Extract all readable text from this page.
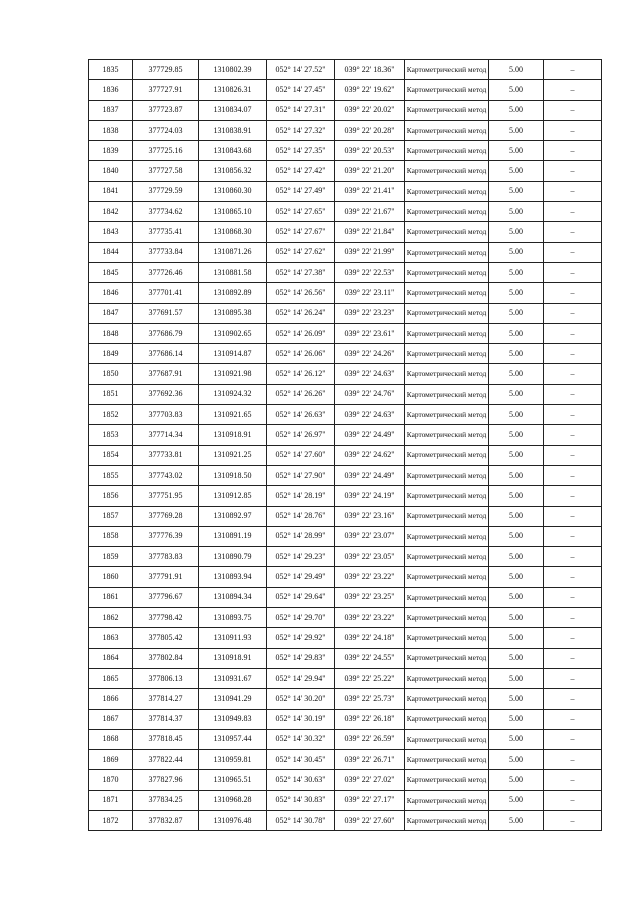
1835	377729.85	1310802.39	052° 14' 27.52"	039° 22' 18.36"	Картометрический метод	5.00	–
1836	377727.91	1310826.31	052° 14' 27.45"	039° 22' 19.62"	Картометрический метод	5.00	–
1837	377723.87	1310834.07	052° 14' 27.31"	039° 22' 20.02"	Картометрический метод	5.00	–
1838	377724.03	1310838.91	052° 14' 27.32"	039° 22' 20.28"	Картометрический метод	5.00	–
1839	377725.16	1310843.68	052° 14' 27.35"	039° 22' 20.53"	Картометрический метод	5.00	–
1840	377727.58	1310856.32	052° 14' 27.42"	039° 22' 21.20"	Картометрический метод	5.00	–
1841	377729.59	1310860.30	052° 14' 27.49"	039° 22' 21.41"	Картометрический метод	5.00	–
1842	377734.62	1310865.10	052° 14' 27.65"	039° 22' 21.67"	Картометрический метод	5.00	–
1843	377735.41	1310868.30	052° 14' 27.67"	039° 22' 21.84"	Картометрический метод	5.00	–
1844	377733.84	1310871.26	052° 14' 27.62"	039° 22' 21.99"	Картометрический метод	5.00	–
1845	377726.46	1310881.58	052° 14' 27.38"	039° 22' 22.53"	Картометрический метод	5.00	–
1846	377701.41	1310892.89	052° 14' 26.56"	039° 22' 23.11"	Картометрический метод	5.00	–
1847	377691.57	1310895.38	052° 14' 26.24"	039° 22' 23.23"	Картометрический метод	5.00	–
1848	377686.79	1310902.65	052° 14' 26.09"	039° 22' 23.61"	Картометрический метод	5.00	–
1849	377686.14	1310914.87	052° 14' 26.06"	039° 22' 24.26"	Картометрический метод	5.00	–
1850	377687.91	1310921.98	052° 14' 26.12"	039° 22' 24.63"	Картометрический метод	5.00	–
1851	377692.36	1310924.32	052° 14' 26.26"	039° 22' 24.76"	Картометрический метод	5.00	–
1852	377703.83	1310921.65	052° 14' 26.63"	039° 22' 24.63"	Картометрический метод	5.00	–
1853	377714.34	1310918.91	052° 14' 26.97"	039° 22' 24.49"	Картометрический метод	5.00	–
1854	377733.81	1310921.25	052° 14' 27.60"	039° 22' 24.62"	Картометрический метод	5.00	–
1855	377743.02	1310918.50	052° 14' 27.90"	039° 22' 24.49"	Картометрический метод	5.00	–
1856	377751.95	1310912.85	052° 14' 28.19"	039° 22' 24.19"	Картометрический метод	5.00	–
1857	377769.28	1310892.97	052° 14' 28.76"	039° 22' 23.16"	Картометрический метод	5.00	–
1858	377776.39	1310891.19	052° 14' 28.99"	039° 22' 23.07"	Картометрический метод	5.00	–
1859	377783.83	1310890.79	052° 14' 29.23"	039° 22' 23.05"	Картометрический метод	5.00	–
1860	377791.91	1310893.94	052° 14' 29.49"	039° 22' 23.22"	Картометрический метод	5.00	–
1861	377796.67	1310894.34	052° 14' 29.64"	039° 22' 23.25"	Картометрический метод	5.00	–
1862	377798.42	1310893.75	052° 14' 29.70"	039° 22' 23.22"	Картометрический метод	5.00	–
1863	377805.42	1310911.93	052° 14' 29.92"	039° 22' 24.18"	Картометрический метод	5.00	–
1864	377802.84	1310918.91	052° 14' 29.83"	039° 22' 24.55"	Картометрический метод	5.00	–
1865	377806.13	1310931.67	052° 14' 29.94"	039° 22' 25.22"	Картометрический метод	5.00	–
1866	377814.27	1310941.29	052° 14' 30.20"	039° 22' 25.73"	Картометрический метод	5.00	–
1867	377814.37	1310949.83	052° 14' 30.19"	039° 22' 26.18"	Картометрический метод	5.00	–
1868	377818.45	1310957.44	052° 14' 30.32"	039° 22' 26.59"	Картометрический метод	5.00	–
1869	377822.44	1310959.81	052° 14' 30.45"	039° 22' 26.71"	Картометрический метод	5.00	–
1870	377827.96	1310965.51	052° 14' 30.63"	039° 22' 27.02"	Картометрический метод	5.00	–
1871	377834.25	1310968.28	052° 14' 30.83"	039° 22' 27.17"	Картометрический метод	5.00	–
1872	377832.87	1310976.48	052° 14' 30.78"	039° 22' 27.60"	Картометрический метод	5.00	–
